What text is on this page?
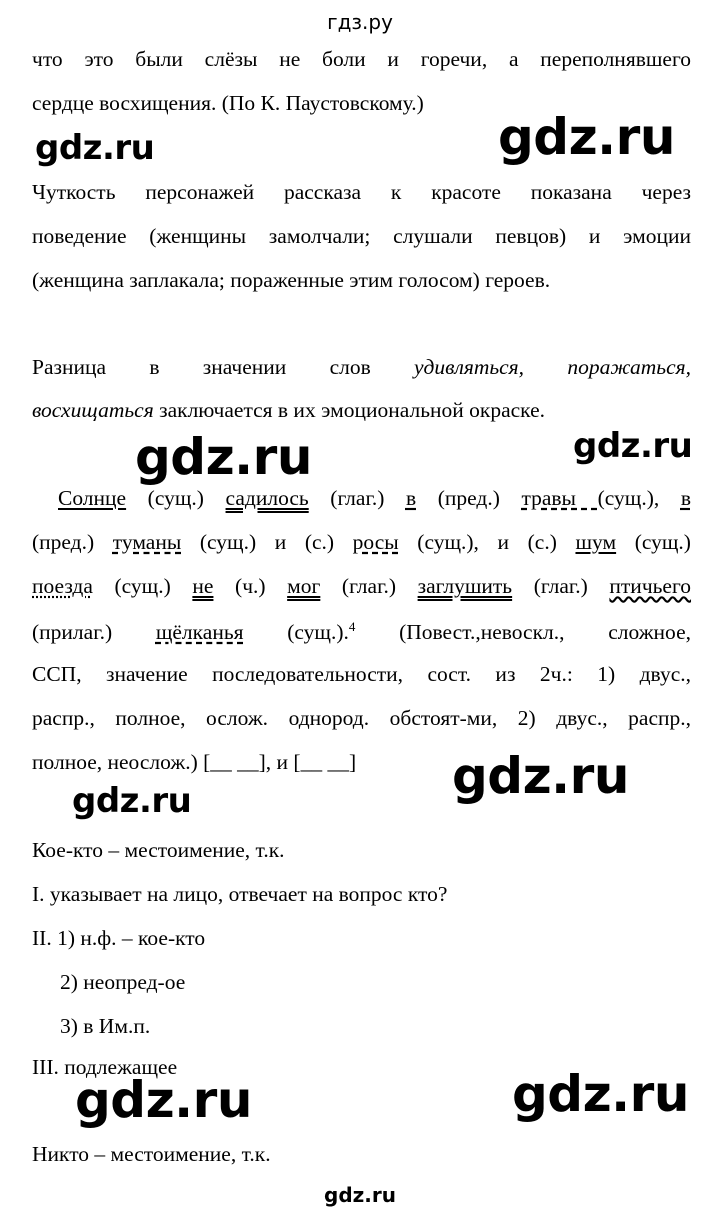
гдз.ру
что это были слёзы не боли и горечи, а переполнявшего
сердце восхищения. (По К. Паустовскому.)
gdz.ru	gdz.ru
Чуткость персонажей рассказа к красоте показана через
поведение (женщины замолчали; слушали певцов) и эмоции
(женщина заплакала; пораженные этим голосом) героев.
Разница в значении слов удивляться, поражаться,
восхищаться заключается в их эмоциональной окраске.
gdz.ru	gdz.ru
Солнце (сущ.) садилось (глаг.) в (пред.) травы (сущ.), в
(пред.) туманы (сущ.) и (с.) росы (сущ.), и (с.) шум (сущ.)
поезда (сущ.) не (ч.) мог (глаг.) заглушить (глаг.) птичьего
(прилаг.) щёлканья (сущ.).$^4$ (Повест.,невоскл., сложное,
ССП, значение последовательности, сост. из 2ч.: 1) двус.,
распр., полное, ослож. однород. обстоят-ми, 2) двус., распр.,
полное, неослож.) [__ __], и [__ __] gdz.ru
gdz.ru
Кое-кто – местоимение, т.к.
I. указывает на лицо, отвечает на вопрос кто?
II. 1) н.ф. – кое-кто
2) неопред-ое
3) в Им.п.
III. подлежащее
gdz.ru	gdz.ru
Никто – местоимение, т.к.
gdz.ru
